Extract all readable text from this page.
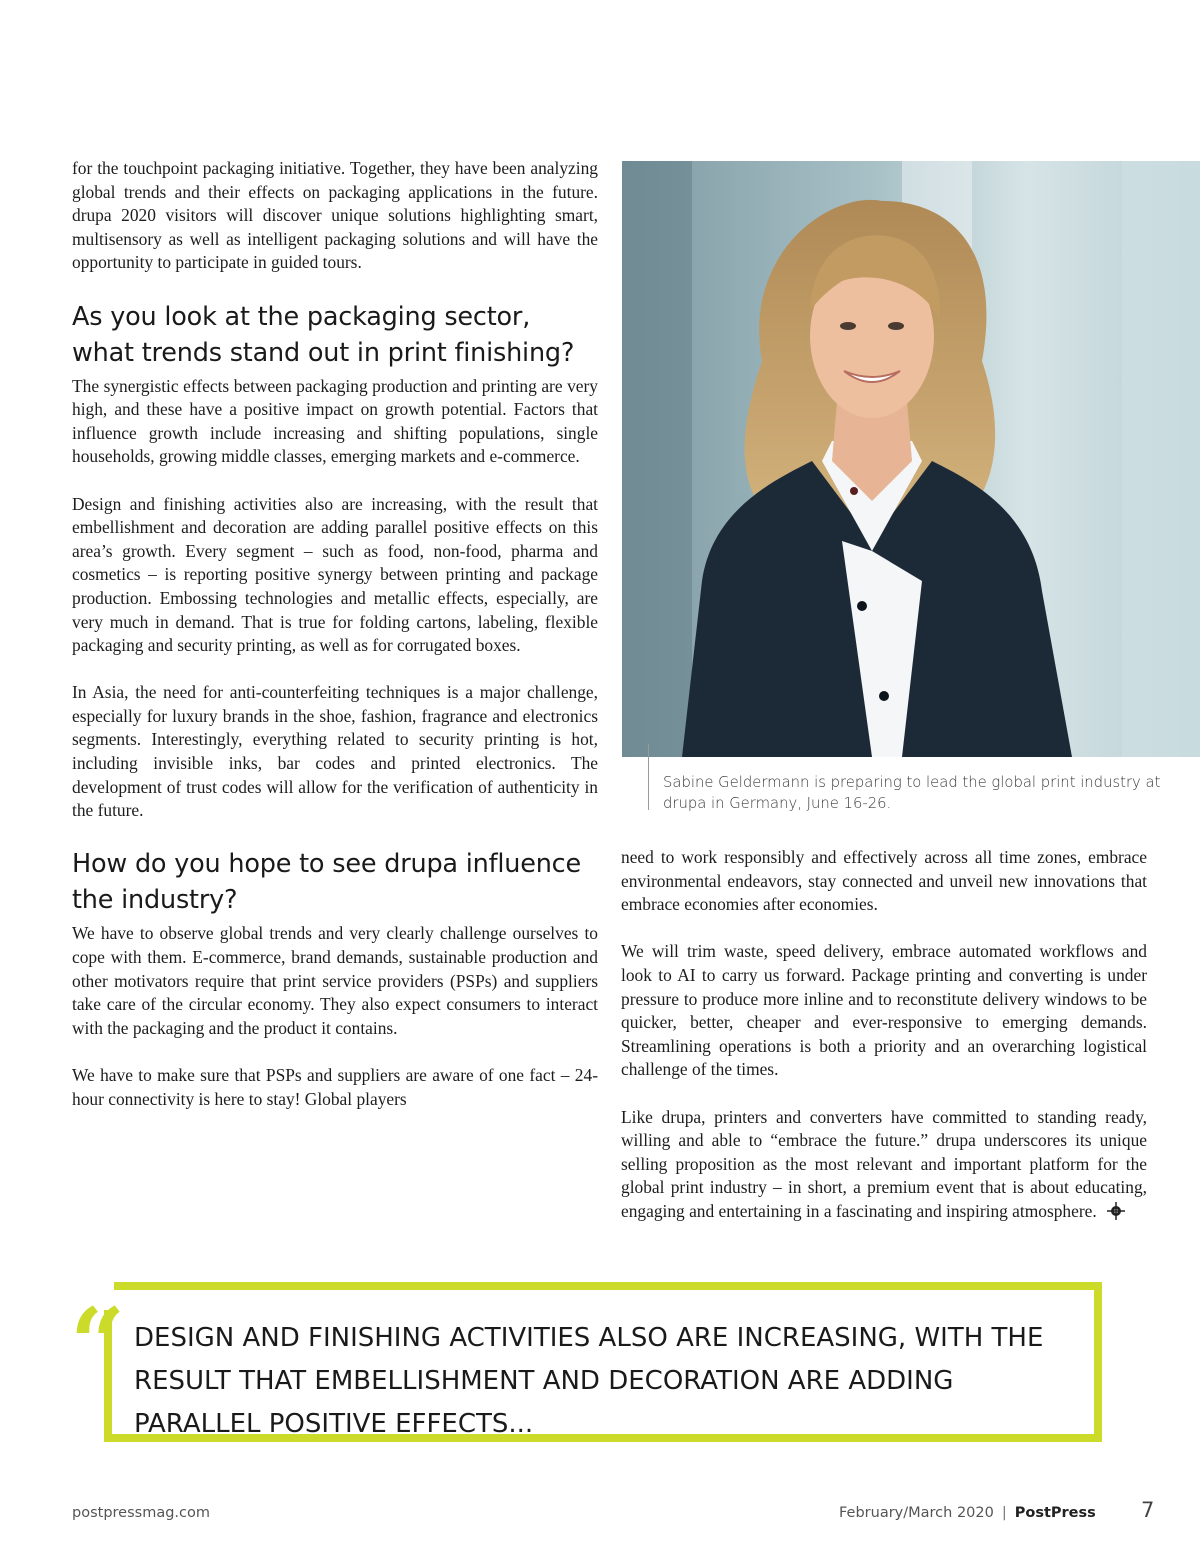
for the touchpoint packaging initiative. Together, they have been analyzing global trends and their effects on packaging applications in the future. drupa 2020 visitors will discover unique solutions highlighting smart, multisensory as well as intelligent packaging solutions and will have the opportunity to participate in guided tours.

As you look at the packaging sector, what trends stand out in print finishing?

The synergistic effects between packaging production and printing are very high, and these have a positive impact on growth potential. Factors that influence growth include increasing and shifting populations, single households, growing middle classes, emerging markets and e-commerce.

Design and finishing activities also are increasing, with the result that embellishment and decoration are adding parallel positive effects on this area’s growth. Every segment – such as food, non-food, pharma and cosmetics – is reporting positive synergy between printing and package production. Embossing technologies and metallic effects, especially, are very much in demand. That is true for folding cartons, labeling, flexible packaging and security printing, as well as for corrugated boxes.

In Asia, the need for anti-counterfeiting techniques is a major challenge, especially for luxury brands in the shoe, fashion, fragrance and electronics segments. Interestingly, everything related to security printing is hot, including invisible inks, bar codes and printed electronics. The development of trust codes will allow for the verification of authenticity in the future.

How do you hope to see drupa influence the industry?

We have to observe global trends and very clearly challenge ourselves to cope with them. E-commerce, brand demands, sustainable production and other motivators require that print service providers (PSPs) and suppliers take care of the circular economy. They also expect consumers to interact with the packaging and the product it contains.

We have to make sure that PSPs and suppliers are aware of one fact – 24-hour connectivity is here to stay! Global players

Sabine Geldermann is preparing to lead the global print industry at drupa in Germany, June 16-26.

need to work responsibly and effectively across all time zones, embrace environmental endeavors, stay connected and unveil new innovations that embrace economies after economies.

We will trim waste, speed delivery, embrace automated workflows and look to AI to carry us forward. Package printing and converting is under pressure to produce more inline and to reconstitute delivery windows to be quicker, better, cheaper and ever-responsive to emerging demands. Streamlining operations is both a priority and an overarching logistical challenge of the times.

Like drupa, printers and converters have committed to standing ready, willing and able to “embrace the future.” drupa underscores its unique selling proposition as the most relevant and important platform for the global print industry – in short, a premium event that is about educating, engaging and entertaining in a fascinating and inspiring atmosphere.

“ DESIGN AND FINISHING ACTIVITIES ALSO ARE INCREASING, WITH THE RESULT THAT EMBELLISHMENT AND DECORATION ARE ADDING PARALLEL POSITIVE EFFECTS...
postpressmag.com	February/March 2020 | PostPress 7
